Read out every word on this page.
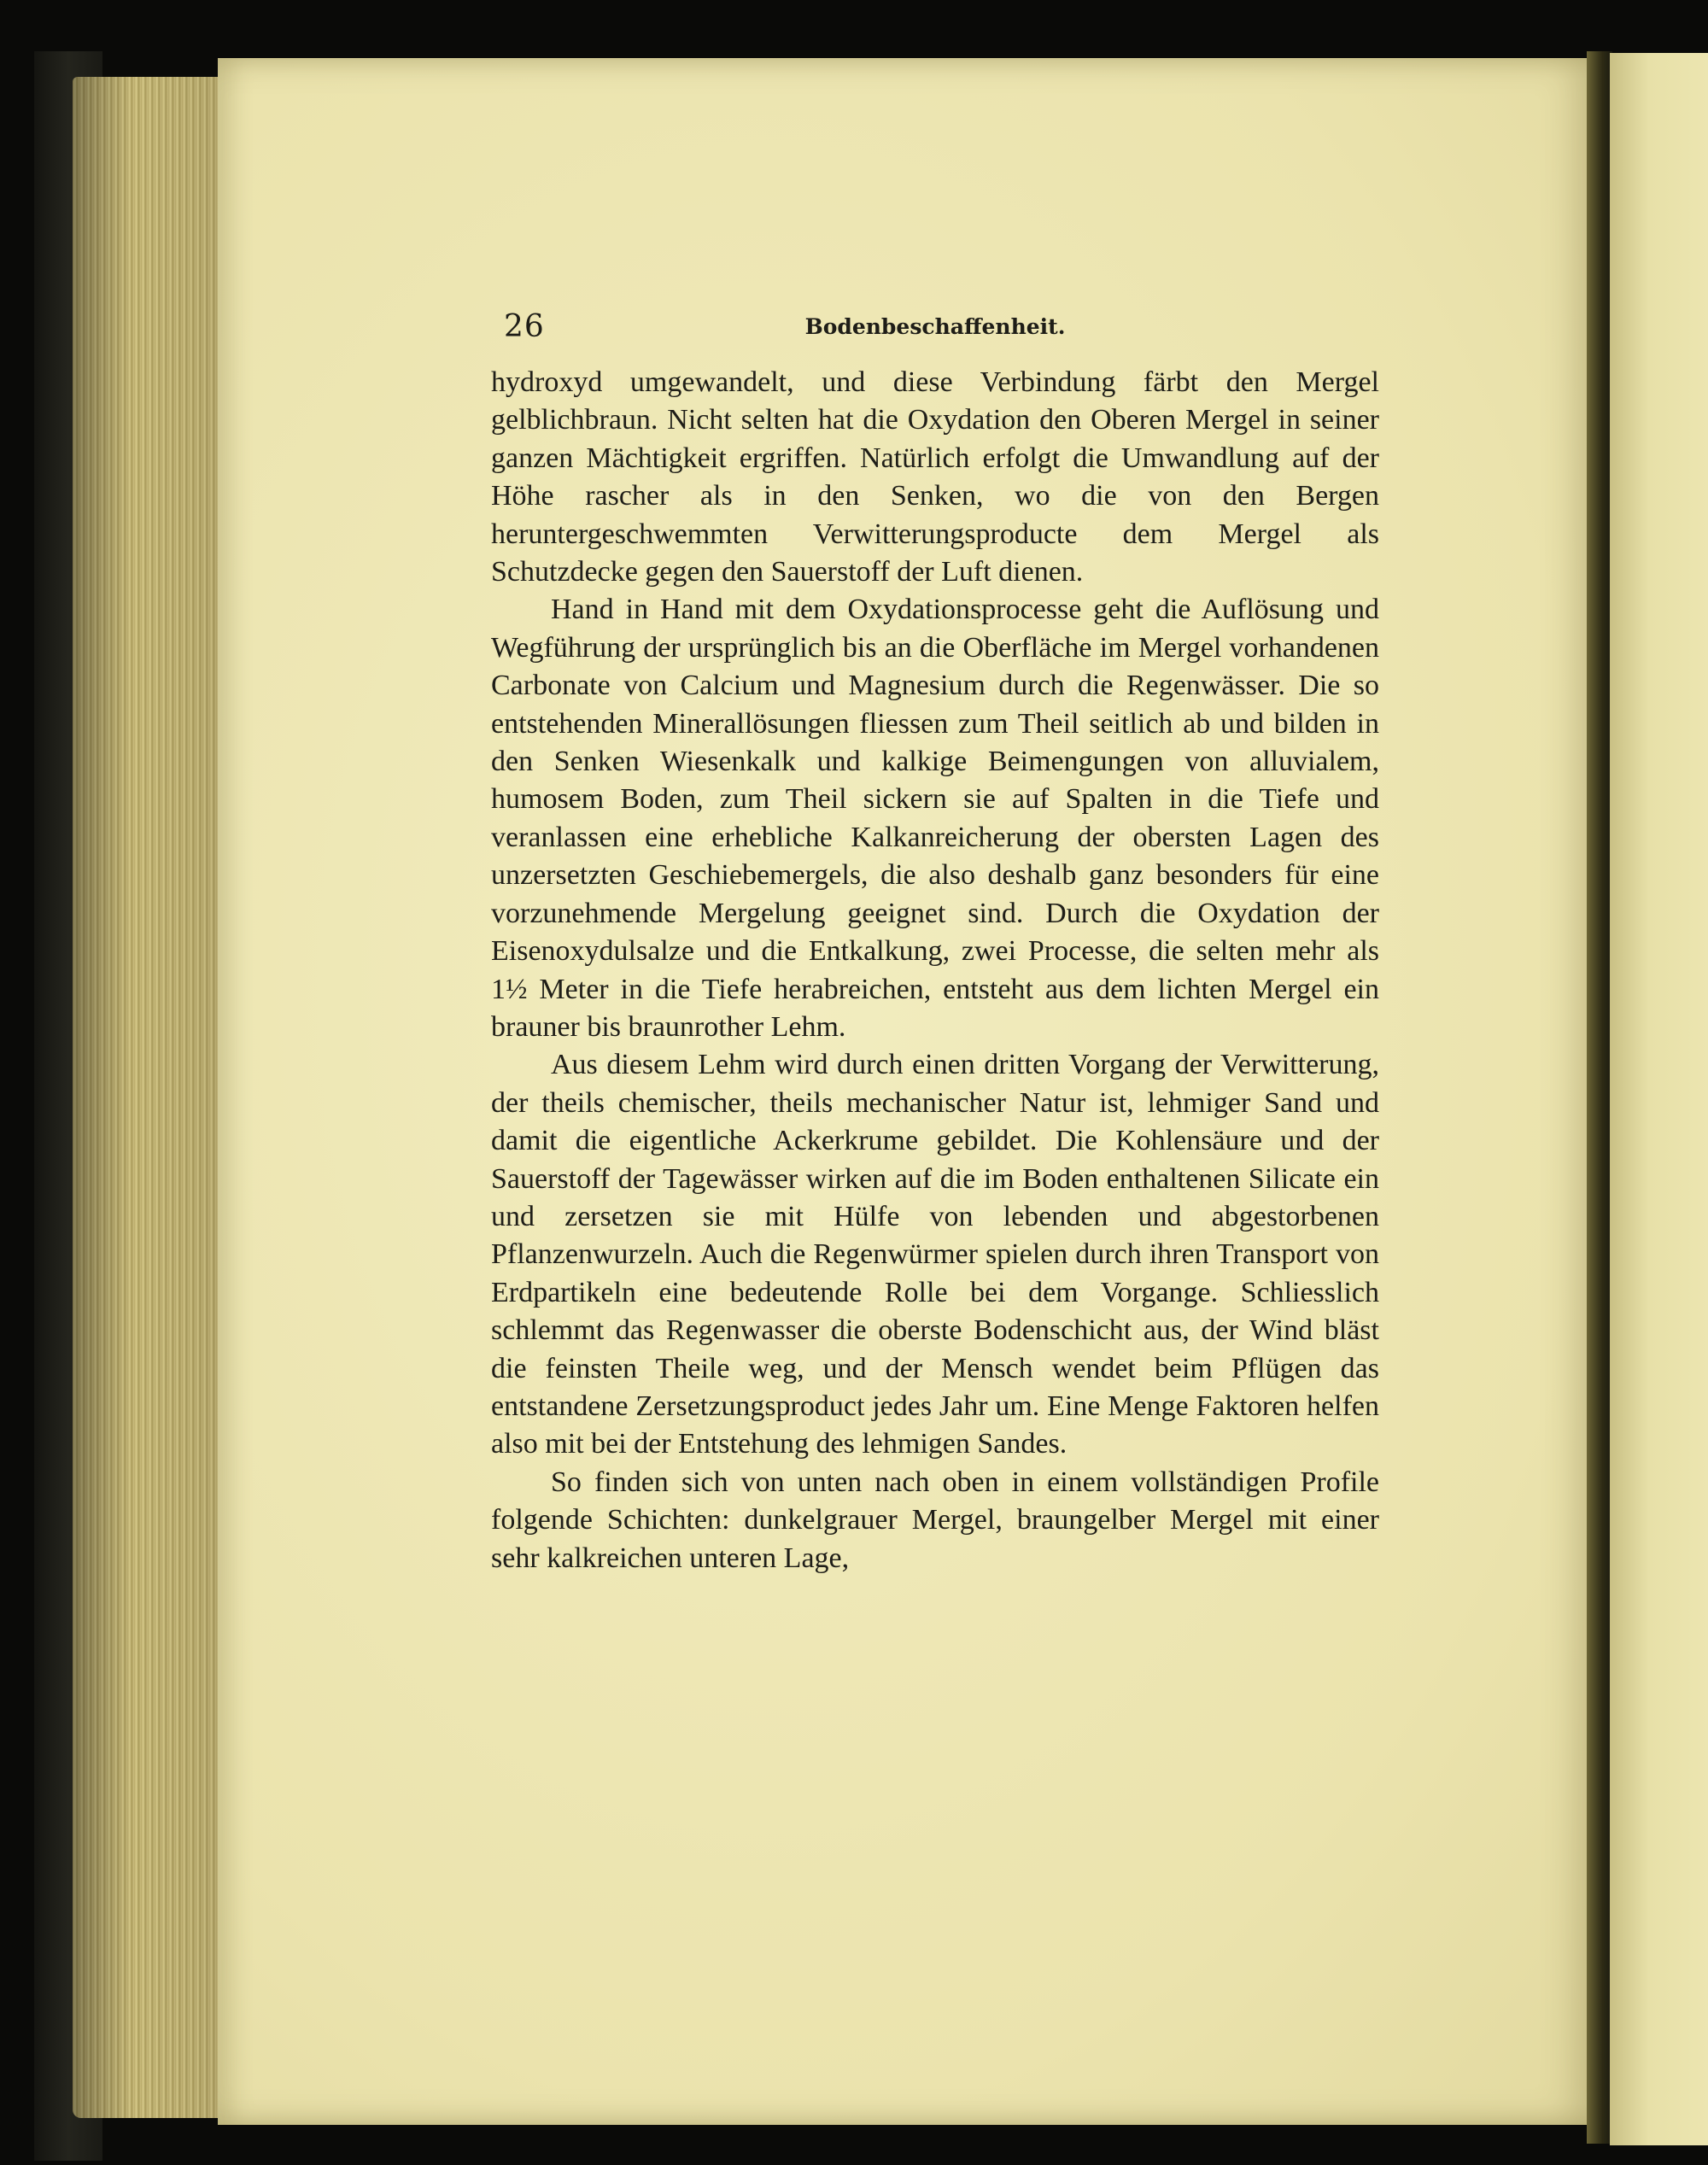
26	Bodenbeschaffenheit.

hydroxyd umgewandelt, und diese Verbindung färbt den Mergel gelblichbraun. Nicht selten hat die Oxydation den Oberen Mergel in seiner ganzen Mächtigkeit ergriffen. Natürlich erfolgt die Umwandlung auf der Höhe rascher als in den Senken, wo die von den Bergen heruntergeschwemmten Verwitterungsproducte dem Mergel als Schutzdecke gegen den Sauerstoff der Luft dienen.

Hand in Hand mit dem Oxydationsprocesse geht die Auflösung und Wegführung der ursprünglich bis an die Oberfläche im Mergel vorhandenen Carbonate von Calcium und Magnesium durch die Regenwässer. Die so entstehenden Minerallösungen fliessen zum Theil seitlich ab und bilden in den Senken Wiesenkalk und kalkige Beimengungen von alluvialem, humosem Boden, zum Theil sickern sie auf Spalten in die Tiefe und veranlassen eine erhebliche Kalkanreicherung der obersten Lagen des unzersetzten Geschiebemergels, die also deshalb ganz besonders für eine vorzunehmende Mergelung geeignet sind. Durch die Oxydation der Eisenoxydulsalze und die Entkalkung, zwei Processe, die selten mehr als 1½ Meter in die Tiefe herabreichen, entsteht aus dem lichten Mergel ein brauner bis braunrother Lehm.

Aus diesem Lehm wird durch einen dritten Vorgang der Verwitterung, der theils chemischer, theils mechanischer Natur ist, lehmiger Sand und damit die eigentliche Ackerkrume gebildet. Die Kohlensäure und der Sauerstoff der Tagewässer wirken auf die im Boden enthaltenen Silicate ein und zersetzen sie mit Hülfe von lebenden und abgestorbenen Pflanzenwurzeln. Auch die Regenwürmer spielen durch ihren Transport von Erdpartikeln eine bedeutende Rolle bei dem Vorgange. Schliesslich schlemmt das Regenwasser die oberste Bodenschicht aus, der Wind bläst die feinsten Theile weg, und der Mensch wendet beim Pflügen das entstandene Zersetzungsproduct jedes Jahr um. Eine Menge Faktoren helfen also mit bei der Entstehung des lehmigen Sandes.

So finden sich von unten nach oben in einem vollständigen Profile folgende Schichten: dunkelgrauer Mergel, braungelber Mergel mit einer sehr kalkreichen unteren Lage,
